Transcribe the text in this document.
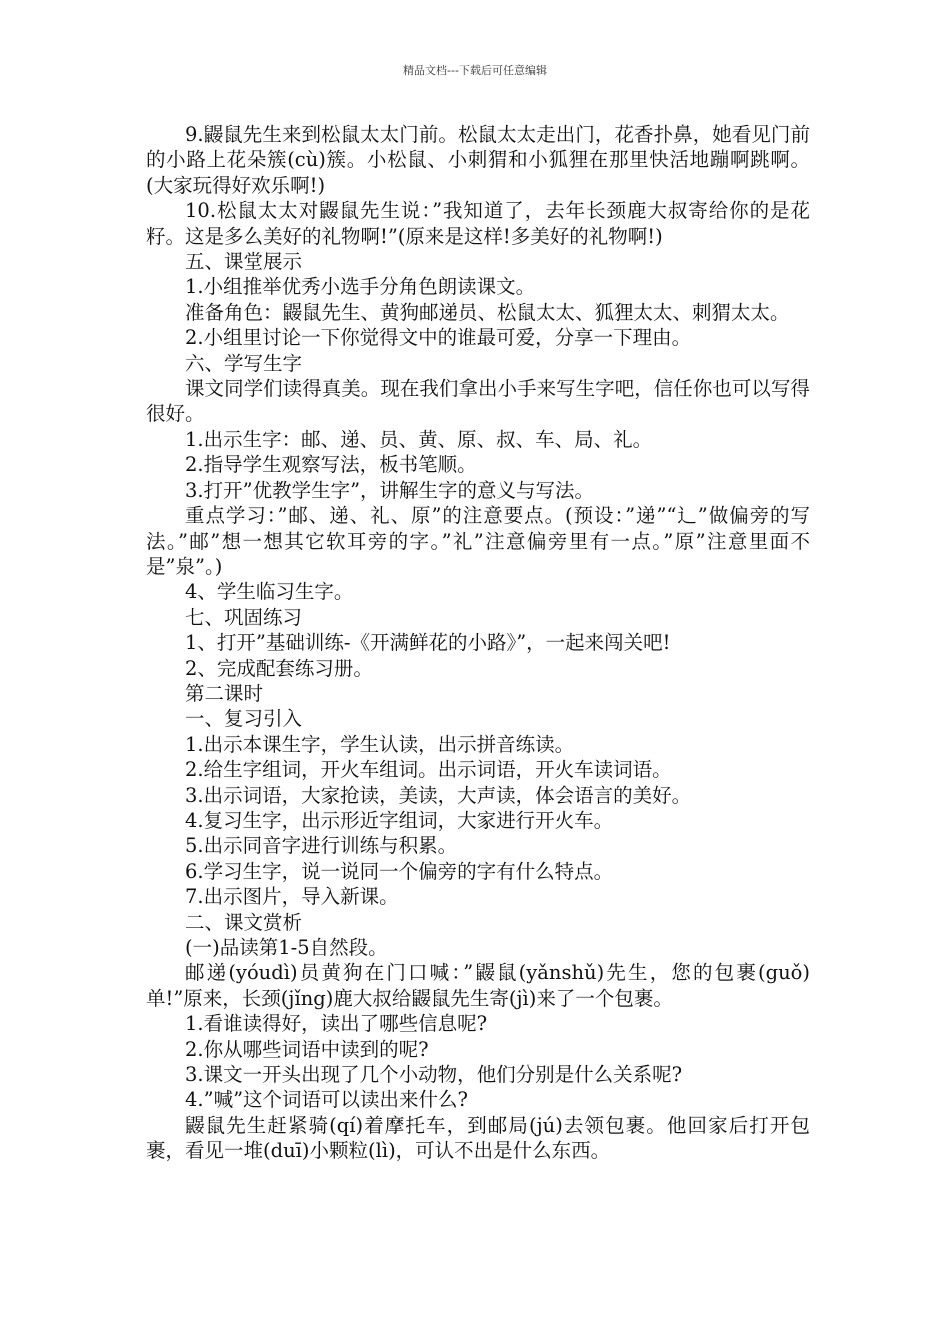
精品文档---下载后可任意编辑

9.鼹鼠先生来到松鼠太太门前。松鼠太太走出门，花香扑鼻，她看见门前的小路上花朵簇(cù)簇。小松鼠、小刺猬和小狐狸在那里快活地蹦啊跳啊。(大家玩得好欢乐啊!)

10.松鼠太太对鼹鼠先生说：”我知道了，去年长颈鹿大叔寄给你的是花籽。这是多么美好的礼物啊!”(原来是这样!多美好的礼物啊!)

五、课堂展示

1.小组推举优秀小选手分角色朗读课文。

准备角色：鼹鼠先生、黄狗邮递员、松鼠太太、狐狸太太、刺猬太太。

2.小组里讨论一下你觉得文中的谁最可爱，分享一下理由。

六、学写生字

课文同学们读得真美。现在我们拿出小手来写生字吧，信任你也可以写得很好。

1.出示生字：邮、递、员、黄、原、叔、车、局、礼。

2.指导学生观察写法，板书笔顺。

3.打开”优教学生字”，讲解生字的意义与写法。

重点学习：”邮、递、礼、原”的注意要点。(预设：”递”“辶”做偏旁的写法。”邮”想一想其它软耳旁的字。”礼”注意偏旁里有一点。”原”注意里面不是”泉”。)

4、学生临习生字。

七、巩固练习

1、打开”基础训练-《开满鲜花的小路》”，一起来闯关吧!

2、完成配套练习册。

第二课时

一、复习引入

1.出示本课生字，学生认读，出示拼音练读。

2.给生字组词，开火车组词。出示词语，开火车读词语。

3.出示词语，大家抢读，美读，大声读，体会语言的美好。

4.复习生字，出示形近字组词，大家进行开火车。

5.出示同音字进行训练与积累。

6.学习生字，说一说同一个偏旁的字有什么特点。

7.出示图片，导入新课。

二、课文赏析

(一)品读第1-5自然段。

邮递(yóudì)员黄狗在门口喊：”鼹鼠(yǎnshǔ)先生，您的包裹(guǒ)单!”原来，长颈(jǐng)鹿大叔给鼹鼠先生寄(jì)来了一个包裹。

1.看谁读得好，读出了哪些信息呢?

2.你从哪些词语中读到的呢?

3.课文一开头出现了几个小动物，他们分别是什么关系呢?

4.”喊”这个词语可以读出来什么?

鼹鼠先生赶紧骑(qí)着摩托车，到邮局(jú)去领包裹。他回家后打开包裹，看见一堆(duī)小颗粒(lì)，可认不出是什么东西。
